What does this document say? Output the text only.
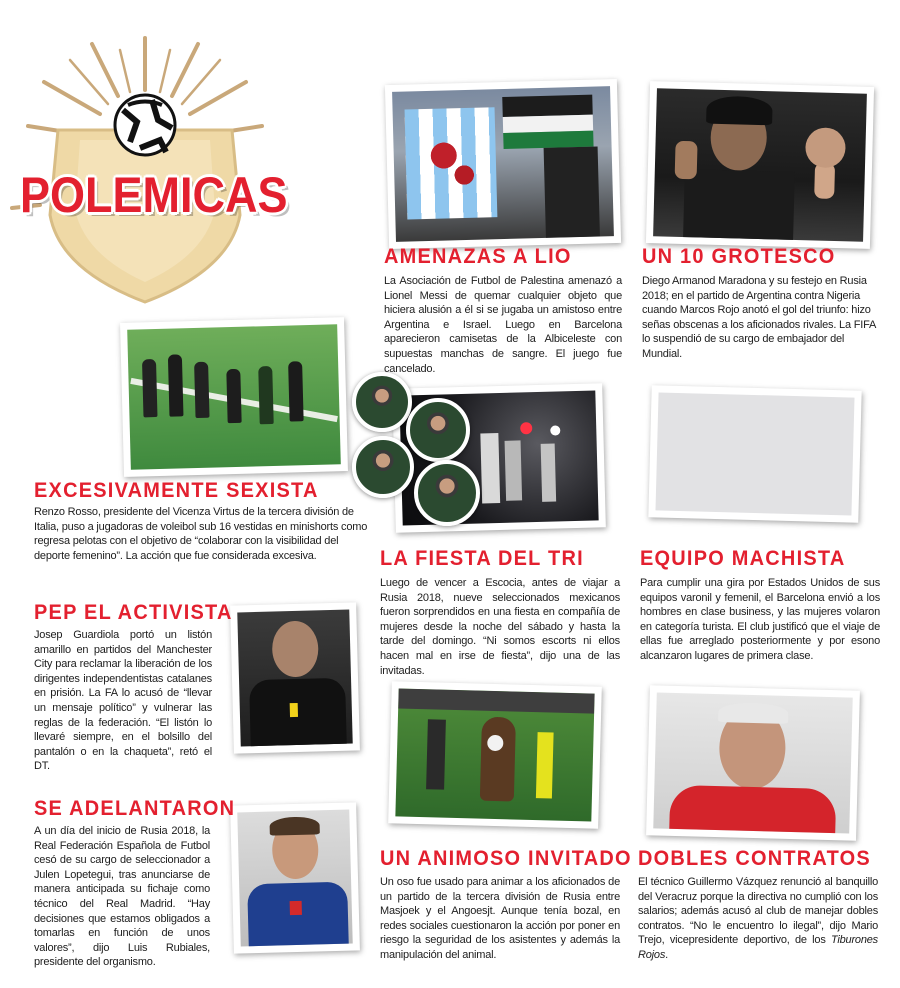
POLEMICAS
AMENAZAS A LIO
La Asociación de Futbol de Palestina amenazó a Lionel Messi de quemar cualquier objeto que hiciera alusión a él si se jugaba un amistoso entre Argentina e Israel. Luego en Barcelona aparecieron camisetas de la Albiceleste con supuestas manchas de sangre. El juego fue cancelado.
UN 10 GROTESCO
Diego Armanod Maradona y su festejo en Rusia 2018; en el partido de Argentina contra Nigeria cuando Marcos Rojo anotó el gol del triunfo: hizo señas obscenas a los aficionados rivales. La FIFA lo suspendió de su cargo de embajador del Mundial.
EXCESIVAMENTE SEXISTA
Renzo Rosso, presidente del Vicenza Virtus de la tercera división de Italia, puso a jugadoras de voleibol sub 16 vestidas en minishorts como regresa pelotas con el objetivo de “colaborar con la visibilidad del deporte femenino”. La acción que fue considerada excesiva.	LA FIESTA DEL TRI
Luego de vencer a Escocia, antes de viajar a Rusia 2018, nueve seleccionados mexicanos fueron sorprendidos en una fiesta en compañía de mujeres desde la noche del sábado y hasta la tarde del domingo. “Ni somos escorts ni ellos hacen mal en irse de fiesta”, dijo una de las invitadas.
EQUIPO MACHISTA
Para cumplir una gira por Estados Unidos de sus equipos varonil y femenil, el Barcelona envió a los hombres en clase business, y las mujeres volaron en categoría turista. El club justificó que el viaje de ellas fue arreglado posteriormente y por esono alcanzaron lugares de primera clase.
PEP EL ACTIVISTA
Josep Guardiola portó un listón amarillo en partidos del Manchester City para reclamar la liberación de los dirigentes independentistas catalanes en prisión. La FA lo acusó de “llevar un mensaje político” y vulnerar las reglas de la federación. “El listón lo llevaré siempre, en el bolsillo del pantalón o en la chaqueta”, retó el DT.
SE ADELANTARON
A un día del inicio de Rusia 2018, la Real Federación Española de Futbol cesó de su cargo de seleccionador a Julen Lopetegui, tras anunciarse de manera anticipada su fichaje como técnico del Real Madrid. “Hay decisiones que estamos obligados a tomarlas en función de unos valores”, dijo Luis Rubiales, presidente del organismo.
UN ANIMOSO INVITADO
Un oso fue usado para animar a los aficionados de un partido de la tercera división de Rusia entre Masjoek y el Angoesjt. Aunque tenía bozal, en redes sociales cuestionaron la acción por poner en riesgo la seguridad de los asistentes y además la manipulación del animal.
DOBLES CONTRATOS
El técnico Guillermo Vázquez renunció al banquillo del Veracruz porque la directiva no cumplió con los salarios; además acusó al club de manejar dobles contratos. “No le encuentro lo ilegal”, dijo Mario Trejo, vicepresidente deportivo, de los Tiburones Rojos.
